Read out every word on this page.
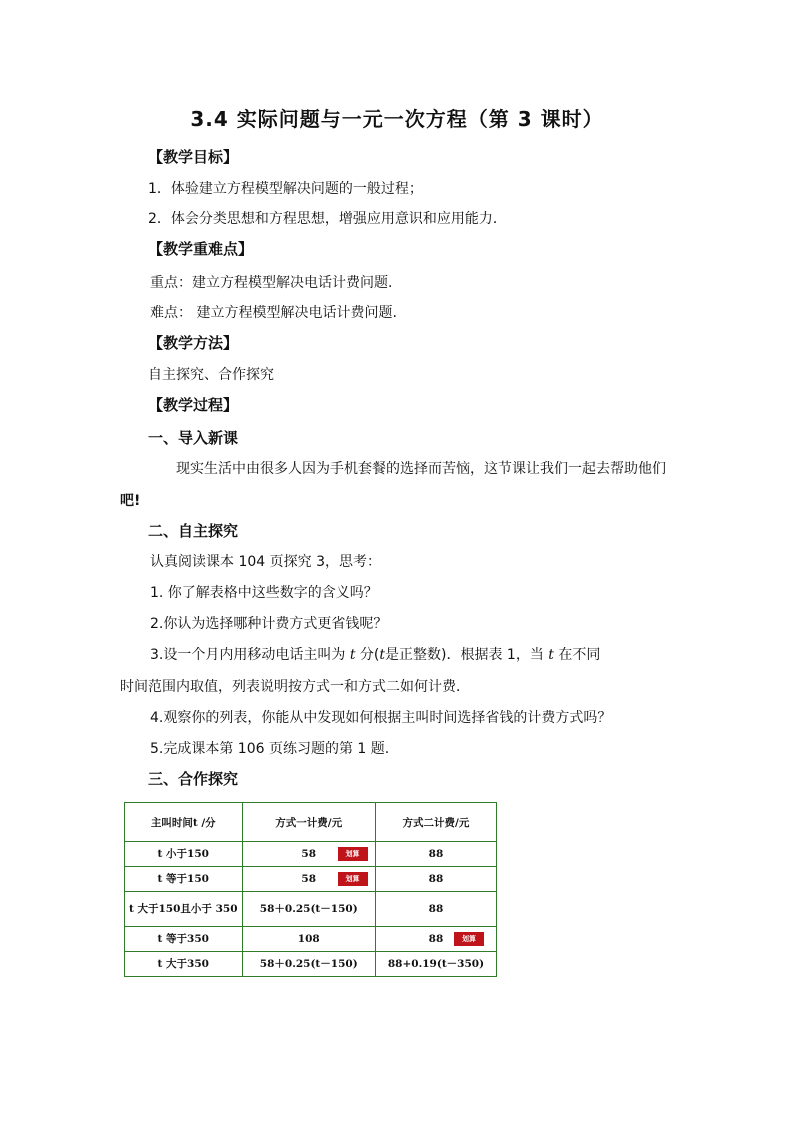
3.4 实际问题与一元一次方程（第 3 课时）
【教学目标】
1．体验建立方程模型解决问题的一般过程；
2．体会分类思想和方程思想，增强应用意识和应用能力．
【教学重难点】
重点：建立方程模型解决电话计费问题.
难点： 建立方程模型解决电话计费问题.
【教学方法】
自主探究、合作探究
【教学过程】
一、导入新课
现实生活中由很多人因为手机套餐的选择而苦恼，这节课让我们一起去帮助他们
吧!
二、自主探究
认真阅读课本 104 页探究 3，思考：
1. 你了解表格中这些数字的含义吗？
2.你认为选择哪种计费方式更省钱呢？
3.设一个月内用移动电话主叫为 t 分(t是正整数)．根据表 1，当 t 在不同
时间范围内取值，列表说明按方式一和方式二如何计费．
4.观察你的列表，你能从中发现如何根据主叫时间选择省钱的计费方式吗？
5.完成课本第 106 页练习题的第 1 题.
三、合作探究
主叫时间t /分	方式一计费/元	方式二计费/元

t 小于150	58 划算	88

t 等于150	58 划算	88

t 大于150且小于 350	58＋0.25(t－150)	88

t 等于350	108	88 划算

t 大于350	58＋0.25(t－150)	88+0.19(t－350)
